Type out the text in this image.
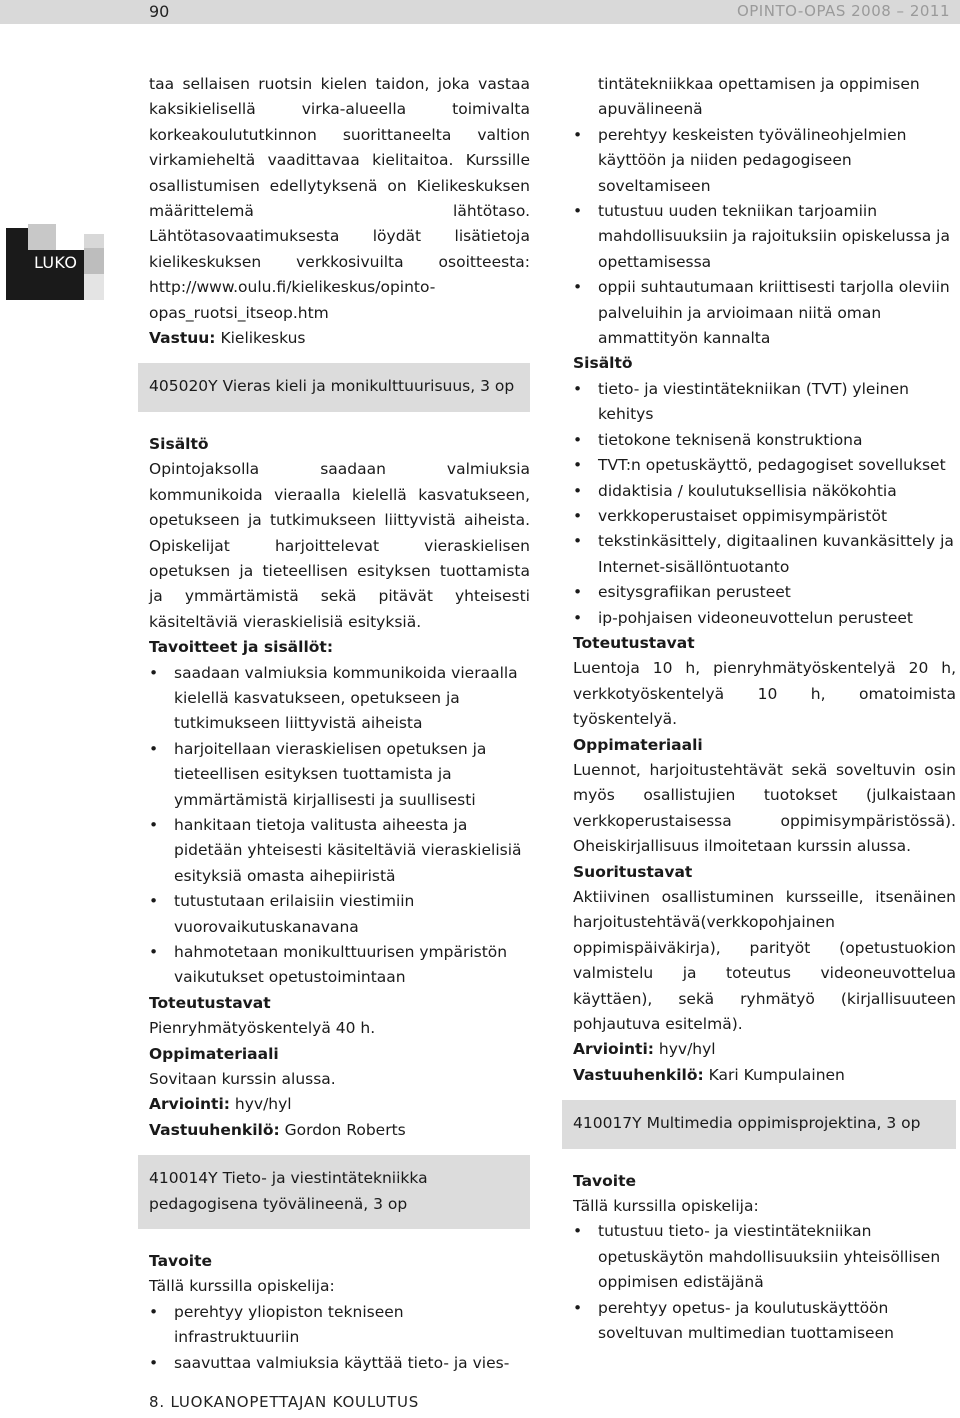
90	OPINTO-OPAS 2008 – 2011
LUKO

taa sellaisen ruotsin kielen taidon, joka vastaa kaksikielisellä virka-alueella toimivalta korkeakoulututkinnon suorittaneelta valtion virkamieheltä vaadittavaa kielitaitoa. Kurssille osallistumisen edellytyksenä on Kielikeskuksen määrittelemä lähtötaso. Lähtötasovaatimuksesta löydät lisätietoja kielikeskuksen verkkosivuilta osoitteesta: http://www.oulu.fi/kielikeskus/opinto-opas_ruotsi_itseop.htm

Vastuu: Kielikeskus

405020Y Vieras kieli ja monikulttuurisuus, 3 op

Sisältö

Opintojaksolla saadaan valmiuksia kommunikoida vieraalla kielellä kasvatukseen, opetukseen ja tutkimukseen liittyvistä aiheista. Opiskelijat harjoittelevat vieraskielisen opetuksen ja tieteellisen esityksen tuottamista ja ymmärtämistä sekä pitävät yhteisesti käsiteltäviä vieraskielisiä esityksiä.

Tavoitteet ja sisällöt:

• saadaan valmiuksia kommunikoida vieraalla kielellä kasvatukseen, opetukseen ja tutkimukseen liittyvistä aiheista
• harjoitellaan vieraskielisen opetuksen ja tieteellisen esityksen tuottamista ja ymmärtämistä kirjallisesti ja suullisesti
• hankitaan tietoja valitusta aiheesta ja pidetään yhteisesti käsiteltäviä vieraskielisiä esityksiä omasta aihepiiristä
• tutustutaan erilaisiin viestimiin vuorovaikutuskanavana
• hahmotetaan monikulttuurisen ympäristön vaikutukset opetustoimintaan

Toteutustavat

Pienryhmätyöskentelyä 40 h.

Oppimateriaali

Sovitaan kurssin alussa.

Arviointi: hyv/hyl

Vastuuhenkilö: Gordon Roberts

410014Y Tieto- ja viestintätekniikka pedagogisena työvälineenä, 3 op

Tavoite

Tällä kurssilla opiskelija:

• perehtyy yliopiston tekniseen infrastruktuuriin
• saavuttaa valmiuksia käyttää tieto- ja vies-
tintätekniikkaa opettamisen ja oppimisen apuvälineenä
• perehtyy keskeisten työvälineohjelmien käyttöön ja niiden pedagogiseen soveltamiseen
• tutustuu uuden tekniikan tarjoamiin mahdollisuuksiin ja rajoituksiin opiskelussa ja opettamisessa
• oppii suhtautumaan kriittisesti tarjolla oleviin palveluihin ja arvioimaan niitä oman ammattityön kannalta

Sisältö

• tieto- ja viestintätekniikan (TVT) yleinen kehitys
• tietokone teknisenä konstruktiona
• TVT:n opetuskäyttö, pedagogiset sovellukset
• didaktisia / koulutuksellisia näkökohtia
• verkkoperustaiset oppimisympäristöt
• tekstinkäsittely, digitaalinen kuvankäsittely ja Internet-sisällöntuotanto
• esitysgrafiikan perusteet
• ip-pohjaisen videoneuvottelun perusteet

Toteutustavat

Luentoja 10 h, pienryhmätyöskentelyä 20 h, verkkotyöskentelyä 10 h, omatoimista työskentelyä.

Oppimateriaali

Luennot, harjoitustehtävät sekä soveltuvin osin myös osallistujien tuotokset (julkaistaan verkkoperustaisessa oppimisympäristössä). Oheiskirjallisuus ilmoitetaan kurssin alussa.

Suoritustavat

Aktiivinen osallistuminen kursseille, itsenäinen harjoitustehtävä(verkkopohjainen oppimispäiväkirja), parityöt (opetustuokion valmistelu ja toteutus videoneuvottelua käyttäen), sekä ryhmätyö (kirjallisuuteen pohjautuva esitelmä).

Arviointi: hyv/hyl

Vastuuhenkilö: Kari Kumpulainen

410017Y Multimedia oppimisprojektina, 3 op

Tavoite

Tällä kurssilla opiskelija:

• tutustuu tieto- ja viestintätekniikan opetuskäytön mahdollisuuksiin yhteisöllisen oppimisen edistäjänä
• perehtyy opetus- ja koulutuskäyttöön soveltuvan multimedian tuottamiseen
8. LUOKANOPETTAJAN KOULUTUS
